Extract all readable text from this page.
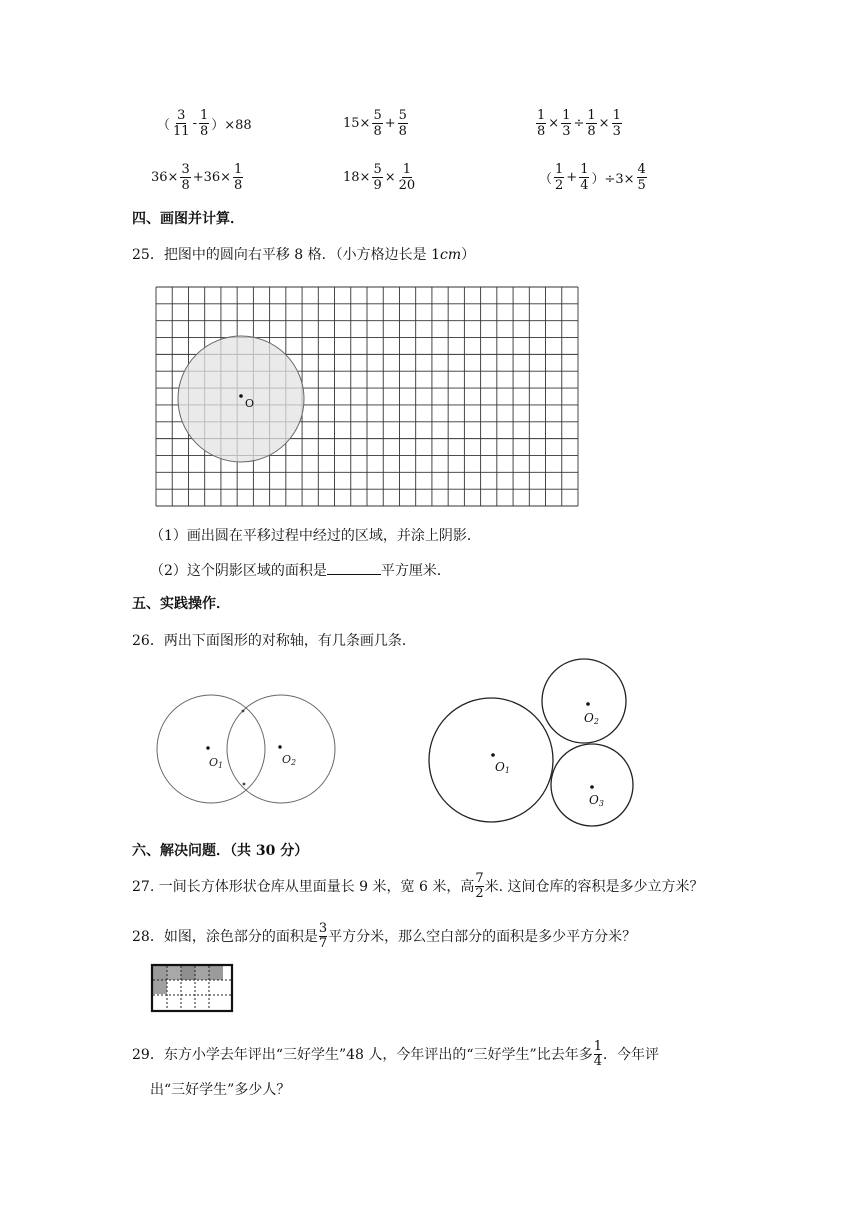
（ $\frac{3}{11} - \frac{1}{8} )\times 88$	$15\times \frac{5}{8} + \frac{5}{8}$	$\frac{1}{8} \times \frac{1}{3} \div \frac{1}{8} \times \frac{1}{3}$
$36\times \frac{3}{8} +36\times \frac{1}{8}$	$18\times \frac{5}{9} \times \frac{1}{20}$	（ $\frac{1}{2} + \frac{1}{4} )\div 3\times \frac{4}{5}$
四、画图并计算．
25．把图中的圆向右平移 8 格．（小方格边长是 1cm）
O
（1）画出圆在平移过程中经过的区域，并涂上阴影．
（2）这个阴影区域的面积是	平方厘米．
五、实践操作．
26．两出下面图形的对称轴，有几条画几条．
O1	O2	O1
O2
O3
六、解决问题．（共 30 分）
27. 一间长方体形状仓库从里面量长 9 米，宽 6 米，高 $\frac{7}{2}$ 米. 这间仓库的容积是多少立方米？
28．如图，涂色部分的面积是 $\frac{3}{7}$ 平方分米，那么空白部分的面积是多少平方分米？
29．东方小学去年评出“三好学生”48 人，今年评出的“三好学生”比去年多 $\frac{1}{4}$ ．今年评
出“三好学生”多少人？
